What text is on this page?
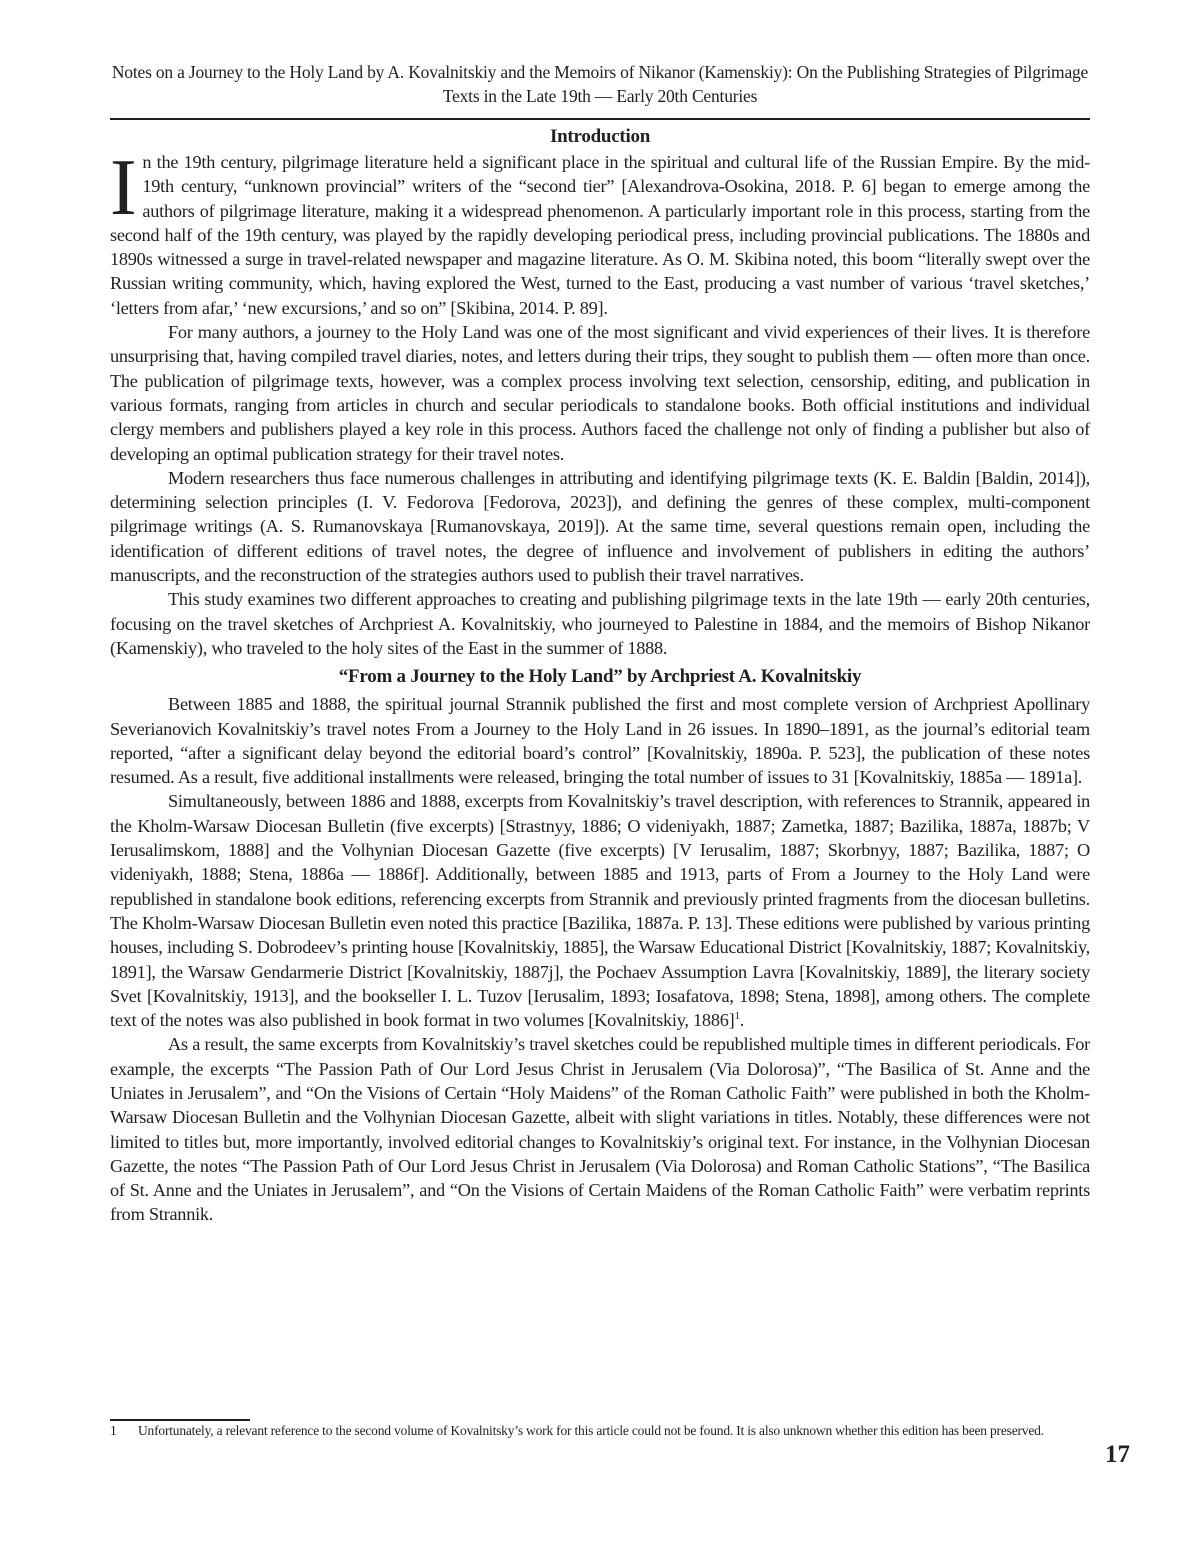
Notes on a Journey to the Holy Land by A. Kovalnitskiy and the Memoirs of Nikanor (Kamenskiy): On the Publishing Strategies of Pilgrimage Texts in the Late 19th — Early 20th Centuries
Introduction

I n the 19th century, pilgrimage literature held a significant place in the spiritual and cultural life of the Russian Empire. By the mid-19th century, “unknown provincial” writers of the “second tier” [Alexandrova-Osokina, 2018. P. 6] began to emerge among the authors of pilgrimage literature, making it a widespread phenomenon. A particularly important role in this process, starting from the second half of the 19th century, was played by the rapidly developing periodical press, including provincial publications. The 1880s and 1890s witnessed a surge in travel-related newspaper and magazine literature. As O. M. Skibina noted, this boom “literally swept over the Russian writing community, which, having explored the West, turned to the East, producing a vast number of various ‘travel sketches,’ ‘letters from afar,’ ‘new excursions,’ and so on” [Skibina, 2014. P. 89].

For many authors, a journey to the Holy Land was one of the most significant and vivid experiences of their lives. It is therefore unsurprising that, having compiled travel diaries, notes, and letters during their trips, they sought to publish them — often more than once. The publication of pilgrimage texts, however, was a complex process involving text selection, censorship, editing, and publication in various formats, ranging from articles in church and secular periodicals to standalone books. Both official institutions and individual clergy members and publishers played a key role in this process. Authors faced the challenge not only of finding a publisher but also of developing an optimal publication strategy for their travel notes.

Modern researchers thus face numerous challenges in attributing and identifying pilgrimage texts (K. E. Baldin [Baldin, 2014]), determining selection principles (I. V. Fedorova [Fedorova, 2023]), and defining the genres of these complex, multi-component pilgrimage writings (A. S. Rumanovskaya [Rumanovskaya, 2019]). At the same time, several questions remain open, including the identification of different editions of travel notes, the degree of influence and involvement of publishers in editing the authors’ manuscripts, and the reconstruction of the strategies authors used to publish their travel narratives.

This study examines two different approaches to creating and publishing pilgrimage texts in the late 19th — early 20th centuries, focusing on the travel sketches of Archpriest A. Kovalnitskiy, who journeyed to Palestine in 1884, and the memoirs of Bishop Nikanor (Kamenskiy), who traveled to the holy sites of the East in the summer of 1888.

“From a Journey to the Holy Land” by Archpriest A. Kovalnitskiy

Between 1885 and 1888, the spiritual journal Strannik published the first and most complete version of Archpriest Apollinary Severianovich Kovalnitskiy’s travel notes From a Journey to the Holy Land in 26 issues. In 1890–1891, as the journal’s editorial team reported, “after a significant delay beyond the editorial board’s control” [Kovalnitskiy, 1890a. P. 523], the publication of these notes resumed. As a result, five additional installments were released, bringing the total number of issues to 31 [Kovalnitskiy, 1885a — 1891a].

Simultaneously, between 1886 and 1888, excerpts from Kovalnitskiy’s travel description, with references to Strannik, appeared in the Kholm-Warsaw Diocesan Bulletin (five excerpts) [Strastnyy, 1886; O videniyakh, 1887; Zametka, 1887; Bazilika, 1887a, 1887b; V Ierusalimskom, 1888] and the Volhynian Diocesan Gazette (five excerpts) [V Ierusalim, 1887; Skorbnyy, 1887; Bazilika, 1887; O videniyakh, 1888; Stena, 1886a — 1886f]. Additionally, between 1885 and 1913, parts of From a Journey to the Holy Land were republished in standalone book editions, referencing excerpts from Strannik and previously printed fragments from the diocesan bulletins. The Kholm-Warsaw Diocesan Bulletin even noted this practice [Bazilika, 1887a. P. 13]. These editions were published by various printing houses, including S. Dobrodeev’s printing house [Kovalnitskiy, 1885], the Warsaw Educational District [Kovalnitskiy, 1887; Kovalnitskiy, 1891], the Warsaw Gendarmerie District [Kovalnitskiy, 1887j], the Pochaev Assumption Lavra [Kovalnitskiy, 1889], the literary society Svet [Kovalnitskiy, 1913], and the bookseller I. L. Tuzov [Ierusalim, 1893; Iosafatova, 1898; Stena, 1898], among others. The complete text of the notes was also published in book format in two volumes [Kovalnitskiy, 1886]1.

As a result, the same excerpts from Kovalnitskiy’s travel sketches could be republished multiple times in different periodicals. For example, the excerpts “The Passion Path of Our Lord Jesus Christ in Jerusalem (Via Dolorosa)”, “The Basilica of St. Anne and the Uniates in Jerusalem”, and “On the Visions of Certain “Holy Maidens” of the Roman Catholic Faith” were published in both the Kholm-Warsaw Diocesan Bulletin and the Volhynian Diocesan Gazette, albeit with slight variations in titles. Notably, these differences were not limited to titles but, more importantly, involved editorial changes to Kovalnitskiy’s original text. For instance, in the Volhynian Diocesan Gazette, the notes “The Passion Path of Our Lord Jesus Christ in Jerusalem (Via Dolorosa) and Roman Catholic Stations”, “The Basilica of St. Anne and the Uniates in Jerusalem”, and “On the Visions of Certain Maidens of the Roman Catholic Faith” were verbatim reprints from Strannik.

1	Unfortunately, a relevant reference to the second volume of Kovalnitsky’s work for this article could not be found. It is also unknown whether this edition has been preserved.
17
